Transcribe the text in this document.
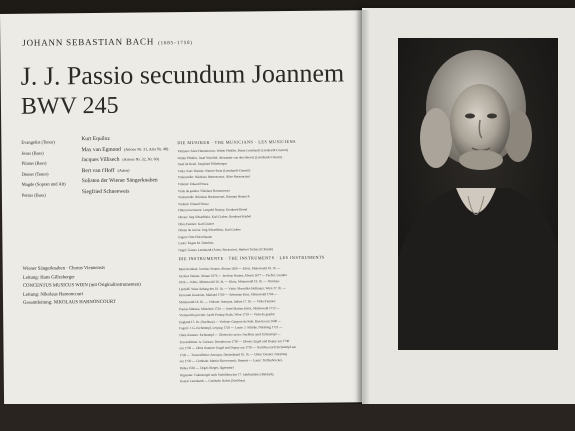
JOHANN SEBASTIAN BACH (1685–1750)
J. J. Passio secundum Joannem
BWV 245
Evangelist (Tenor)
Jesus (Bass)
Pilatus (Bass)
Diener (Tenor)
Magde (Sopran und Alt)
Petrus (Bass)
Kurt Equiluz
Max van Egmond (Arioso Nr. 31, Aria Nr. 48)
Jacques Villisech (Arioso Nr. 32, Nr. 60)
Bert van t'Hoff (Arien)
Solisten der Wiener Sängerknaben
Siegfried Schneeweis
Wiener Sängerknaben · Chorus Viennensis
Leitung: Hans Gillesberger
CONCENTUS MUSICUS WIEN (mit Originalinstrumenten)
Leitung: Nikolaus Harnoncourt
Gesamtleitung: NIKOLAUS HARNONCOURT
DIE MUSIKER · THE MUSICIANS · LES MUSICIENS
Violinen: Alice Harnoncourt, Walter Pfeiffer, Marie Leonhardt (Leonhardt-Consort)
Walter Pfeiffer, Josef Schröfel, Alexander van den Heuvel (Leonhardt-Consort)
Josef de Kraft, Siegfried Föllerberger
Viola: Kurt Theiner, Werner Stein (Leonhardt-Consort)
Violoncello: Nikolaus Harnoncourt, Alice Harnoncourt
Violone: Eduard Hruza
Viola da gamba: Nikolaus Harnoncourt
Violoncello: Nikolaus Harnoncourt, Hartmut Heinrich
Violone: Eduard Hruza
Flöten traversiere: Leopold Stastny, Gernhard Bertel
Oboen: Jürg Schaeftlein, Karl Gruber, Bernhard Klebel
Oboi d'amore: Karl Gruber
Oboen da caccia: Jürg Schaeftlein, Karl Gruber
Fagott: Otto Fleischmann
Laute: Eugen M. Dombois
Orgel: Gustav Leonhardt (Arien, Rezitative), Herbert Tachezi (Choräle)
DIE INSTRUMENTE · THE INSTRUMENTS · LES INSTRUMENTS
Barockvioline: Jacobus Stainer, Absam 1658 — Klotz, Mittenwald 18. Jh. —
Jacobus Stainer, Absam 1676 — Jacobus Stainer, Absam 1677 — Pacher, London
1826 — Klotz, Mittenwald 18. Jh. — Klotz, Mittenwald 18. Jh. — Nicolaus
Leidolff, Wien Anfang des 18. Jh. — Viola: Marcellus Hollmayr, Wien 17. Jh. —
Giovanni Grancino, Mailand 1700 — Sebastian Kloz, Mittenwald 1764 —
Mittenwald 18. Jh. — Violone: Anonym, Italien 17. Jh. — Viola d'amore:
Paulus Alletsee, München 1720 — Josef Mattias Klotz, Mittenwald 1712 —
Violoncello piccolo: Jacob Prokop Stalis, Wien 1719 — Viola da gamba:
England 17. Jh. (Nachbau) — Violone: Gasparo da Salò, Brescia um 1600 —
Fagott: J. G. Eichentopf, Leipzig 1720 — Laute: J. Schelle, Nürnberg 1721 —
Oboe d'amore: Eichentopf — Oboen da caccia: Nachbau nach Eichentopf —
Traversflöten: A. Grenser, Dresden um 1750 — Oboen: Engel und Dupuy um 1740
um 1750 — Oboe d'amore: Engel und Dupuy um 1750 — Nachbau nach Eichentopf um
1720 — Traversflöten: Anonym, Deutschland 18. Jh. — Oboe: Denner, Nürnberg
um 1720 — Cembalo: Martin Skowroneck, Bremen — Laute: Tieffenbrucker,
Padua 1592 — Orgel: Rieger, Jägerndorf
Organum: Truhenorgel nach Vorbildern des 17. Jahrhunderts (Bakfark),
Gustav Leonhardt — Cembalo: Rubio (Nachbau)
